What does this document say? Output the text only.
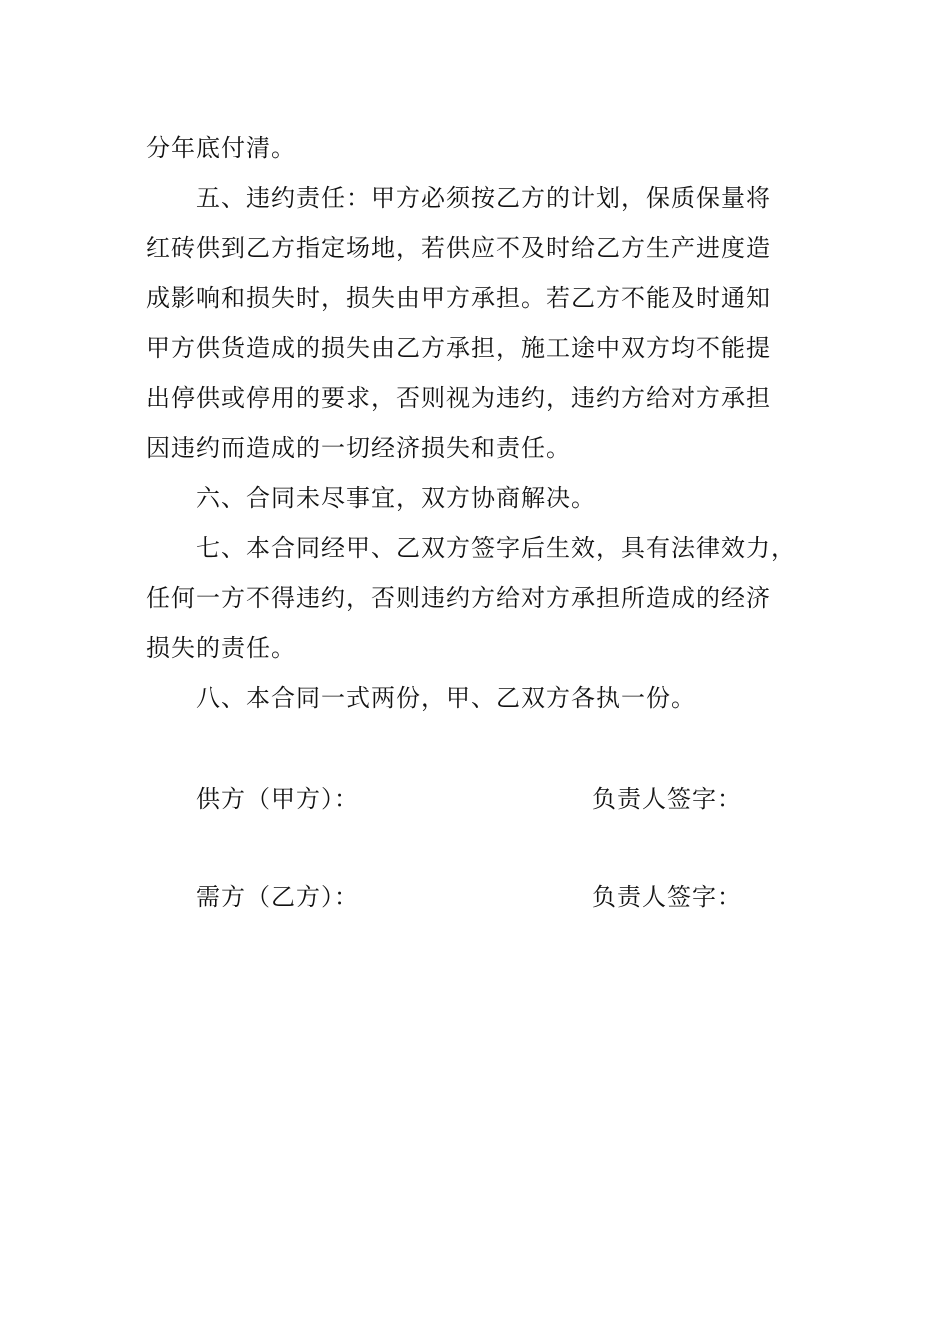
分年底付清。
五、违约责任：甲方必须按乙方的计划，保质保量将
红砖供到乙方指定场地，若供应不及时给乙方生产进度造
成影响和损失时，损失由甲方承担。若乙方不能及时通知
甲方供货造成的损失由乙方承担，施工途中双方均不能提
出停供或停用的要求，否则视为违约，违约方给对方承担
因违约而造成的一切经济损失和责任。
六、合同未尽事宜，双方协商解决。
七、本合同经甲、乙双方签字后生效，具有法律效力，
任何一方不得违约，否则违约方给对方承担所造成的经济
损失的责任。
八、本合同一式两份，甲、乙双方各执一份。
供方（甲方）：	负责人签字：
需方（乙方）：	负责人签字：
